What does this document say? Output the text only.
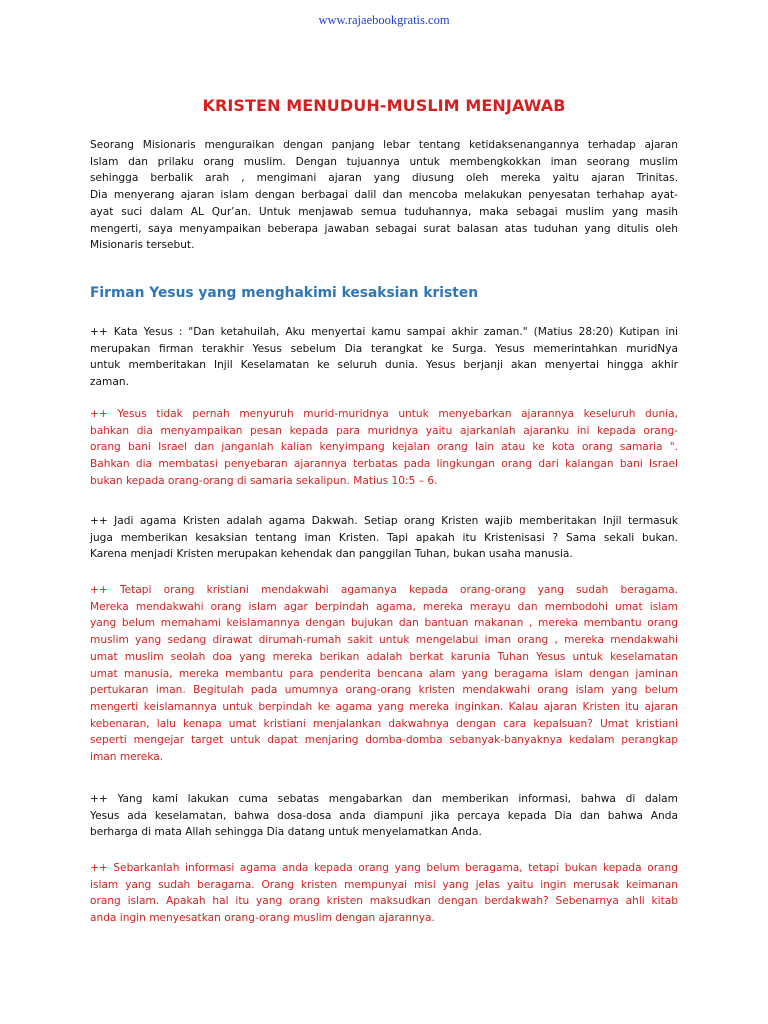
www.rajaebookgratis.com
KRISTEN MENUDUH-MUSLIM MENJAWAB
Seorang Misionaris menguraikan dengan panjang lebar tentang ketidaksenangannya terhadap ajaran
Islam dan prilaku orang muslim. Dengan tujuannya untuk membengkokkan iman seorang muslim
sehingga berbalik arah , mengimani ajaran yang diusung oleh mereka yaitu ajaran Trinitas.
Dia menyerang ajaran islam dengan berbagai dalil dan mencoba melakukan penyesatan terhahap ayat-
ayat suci dalam AL Qur’an. Untuk menjawab semua tuduhannya, maka sebagai muslim yang masih
mengerti, saya menyampaikan beberapa jawaban sebagai surat balasan atas tuduhan yang ditulis oleh
Misionaris tersebut.
Firman Yesus yang menghakimi kesaksian kristen
++ Kata Yesus : "Dan ketahuilah, Aku menyertai kamu sampai akhir zaman." (Matius 28:20) Kutipan ini
merupakan firman terakhir Yesus sebelum Dia terangkat ke Surga. Yesus memerintahkan muridNya
untuk memberitakan Injil Keselamatan ke seluruh dunia. Yesus berjanji akan menyertai hingga akhir
zaman.
++ Yesus tidak pernah menyuruh murid-muridnya untuk menyebarkan ajarannya keseluruh dunia,
bahkan dia menyampaikan pesan kepada para muridnya yaitu ajarkanlah ajaranku ini kepada orang-
orang bani Israel dan janganlah kalian kenyimpang kejalan orang lain atau ke kota orang samaria ".
Bahkan dia membatasi penyebaran ajarannya terbatas pada lingkungan orang dari kalangan bani Israel
bukan kepada orang-orang di samaria sekalipun. Matius 10:5 – 6.
++ Jadi agama Kristen adalah agama Dakwah. Setiap orang Kristen wajib memberitakan Injil termasuk
juga memberikan kesaksian tentang iman Kristen. Tapi apakah itu Kristenisasi ? Sama sekali bukan.
Karena menjadi Kristen merupakan kehendak dan panggilan Tuhan, bukan usaha manusia.
++ Tetapi orang kristiani mendakwahi agamanya kepada orang-orang yang sudah beragama.
Mereka mendakwahi orang islam agar berpindah agama, mereka merayu dan membodohi umat islam
yang belum memahami keislamannya dengan bujukan dan bantuan makanan , mereka membantu orang
muslim yang sedang dirawat dirumah-rumah sakit untuk mengelabui iman orang , mereka mendakwahi
umat muslim seolah doa yang mereka berikan adalah berkat karunia Tuhan Yesus untuk keselamatan
umat manusia, mereka membantu para penderita bencana alam yang beragama islam dengan jaminan
pertukaran iman. Begitulah pada umumnya orang-orang kristen mendakwahi orang islam yang belum
mengerti keislamannya untuk berpindah ke agama yang mereka inginkan. Kalau ajaran Kristen itu ajaran
kebenaran, lalu kenapa umat kristiani menjalankan dakwahnya dengan cara kepalsuan? Umat kristiani
seperti mengejar target untuk dapat menjaring domba-domba sebanyak-banyaknya kedalam perangkap
iman mereka.
++ Yang kami lakukan cuma sebatas mengabarkan dan memberikan informasi, bahwa di dalam
Yesus ada keselamatan, bahwa dosa-dosa anda diampuni jika percaya kepada Dia dan bahwa Anda
berharga di mata Allah sehingga Dia datang untuk menyelamatkan Anda.
++ Sebarkanlah informasi agama anda kepada orang yang belum beragama, tetapi bukan kepada orang
islam yang sudah beragama. Orang kristen mempunyai misi yang jelas yaitu ingin merusak keimanan
orang islam. Apakah hal itu yang orang kristen maksudkan dengan berdakwah? Sebenarnya ahli kitab
anda ingin menyesatkan orang-orang muslim dengan ajarannya.
